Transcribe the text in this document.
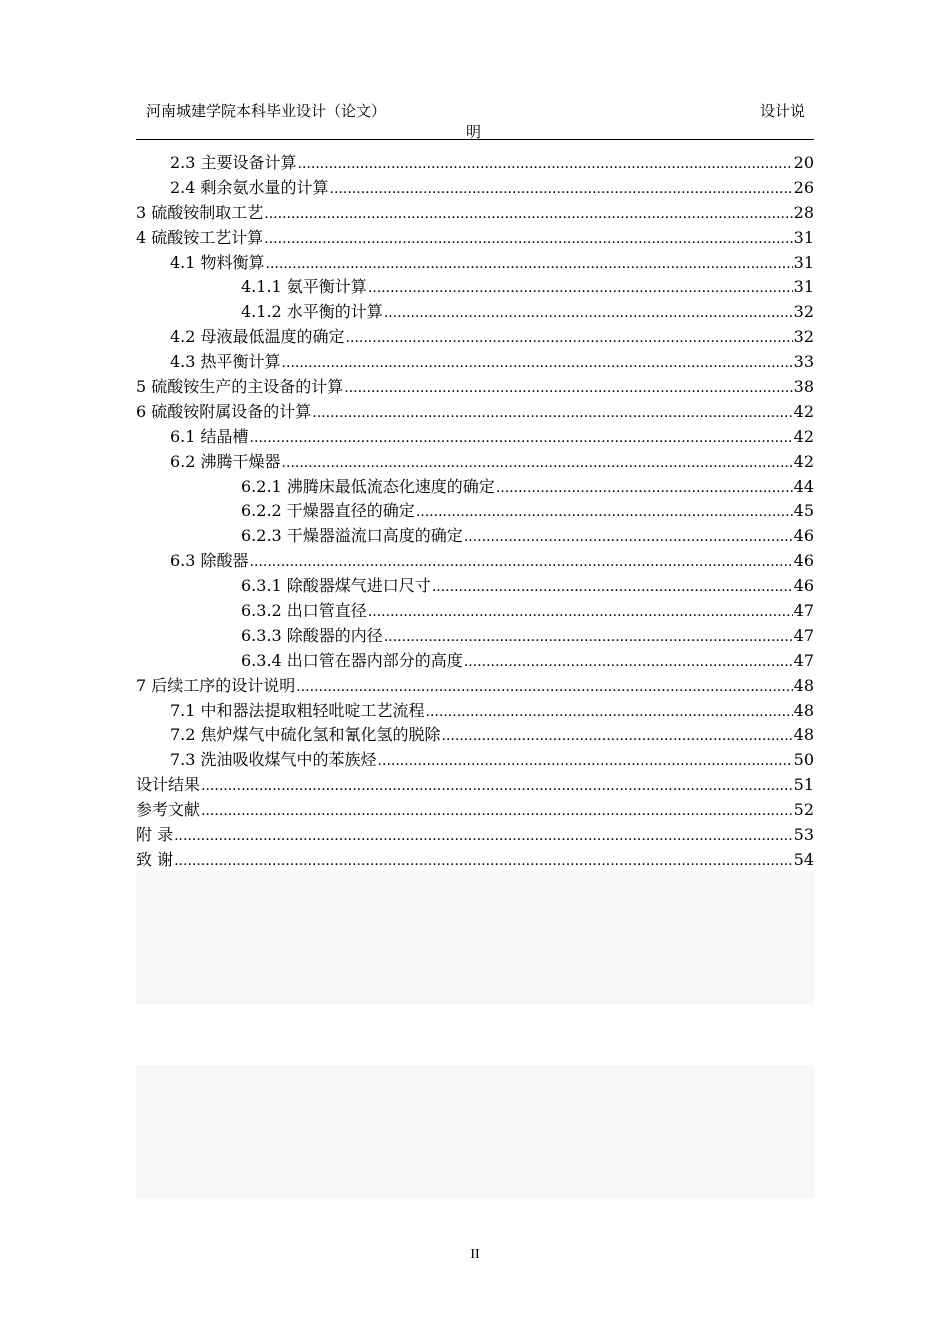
河南城建学院本科毕业设计（论文）	设计说
明
2.3 主要设备计算 .....	20
2.4 剩余氨水量的计算 .....	26
3 硫酸铵制取工艺 .....	28
4 硫酸铵工艺计算 .....	31
4.1 物料衡算 .....	31
4.1.1 氨平衡计算 .....	31
4.1.2 水平衡的计算 .....	32
4.2 母液最低温度的确定 .....	32
4.3 热平衡计算 .....	33
5 硫酸铵生产的主设备的计算 .....	38
6 硫酸铵附属设备的计算 .....	42
6.1 结晶槽 .....	42
6.2 沸腾干燥器 .....	42
6.2.1 沸腾床最低流态化速度的确定 .....	44
6.2.2 干燥器直径的确定 .....	45
6.2.3 干燥器溢流口高度的确定 .....	46
6.3 除酸器 .....	46
6.3.1 除酸器煤气进口尺寸 .....	46
6.3.2 出口管直径 .....	47
6.3.3 除酸器的内径 .....	47
6.3.4 出口管在器内部分的高度 .....	47
7 后续工序的设计说明 .....	48
7.1 中和器法提取粗轻吡啶工艺流程 .....	48
7.2 焦炉煤气中硫化氢和氰化氢的脱除 .....	48
7.3 洗油吸收煤气中的苯族烃 .....	50
设计结果 .....	51
参考文献 .....	52
附 录 .....	53
致 谢 .....	54
II
